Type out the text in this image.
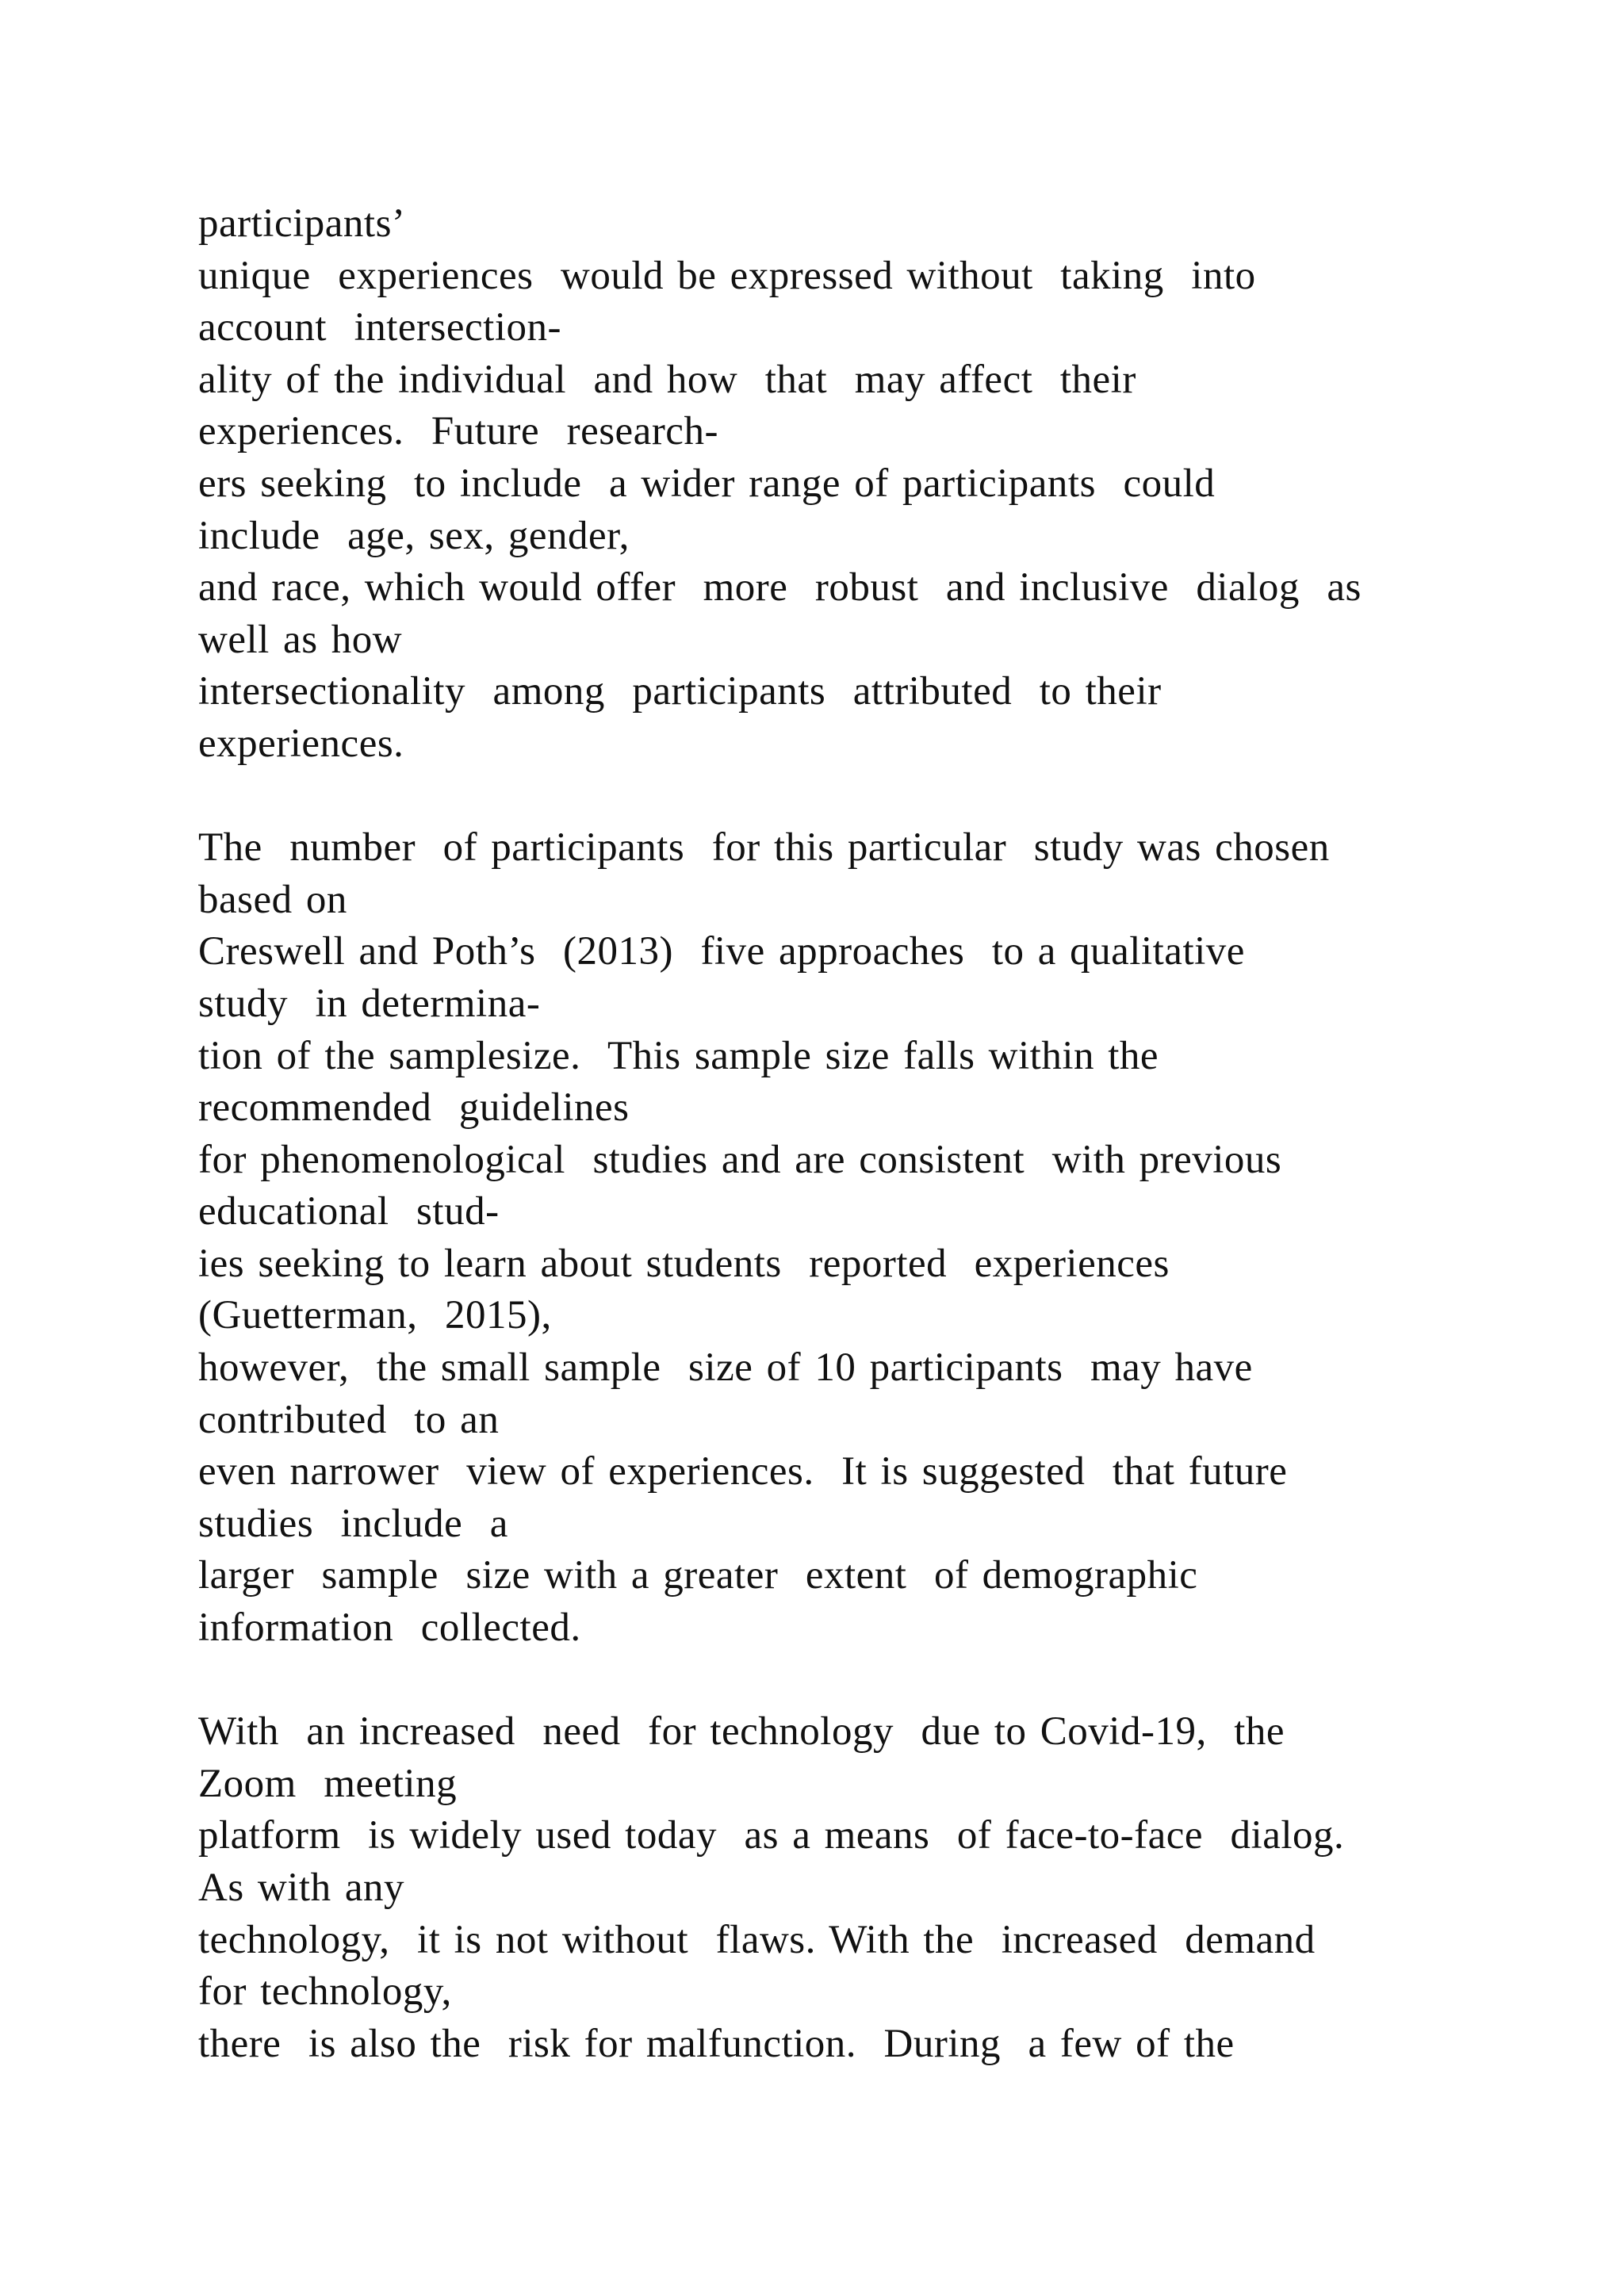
participants’
unique  experiences  would be expressed without  taking  into
account  intersection-
ality of the individual  and how  that  may affect  their
experiences.  Future  research-
ers seeking  to include  a wider range of participants  could
include  age, sex, gender,
and race, which would offer  more  robust  and inclusive  dialog  as
well as how
intersectionality  among  participants  attributed  to their
experiences.
The  number  of participants  for this particular  study was chosen
based on
Creswell and Poth’s  (2013)  five approaches  to a qualitative
study  in determina-
tion of the samplesize.  This sample size falls within the
recommended  guidelines
for phenomenological  studies and are consistent  with previous
educational  stud-
ies seeking to learn about students  reported  experiences
(Guetterman,  2015),
however,  the small sample  size of 10 participants  may have
contributed  to an
even narrower  view of experiences.  It is suggested  that future
studies  include  a
larger  sample  size with a greater  extent  of demographic
information  collected.
With  an increased  need  for technology  due to Covid-19,  the
Zoom  meeting
platform  is widely used today  as a means  of face-to-face  dialog.
As with any
technology,  it is not without  flaws. With the  increased  demand
for technology,
there  is also the  risk for malfunction.  During  a few of the
